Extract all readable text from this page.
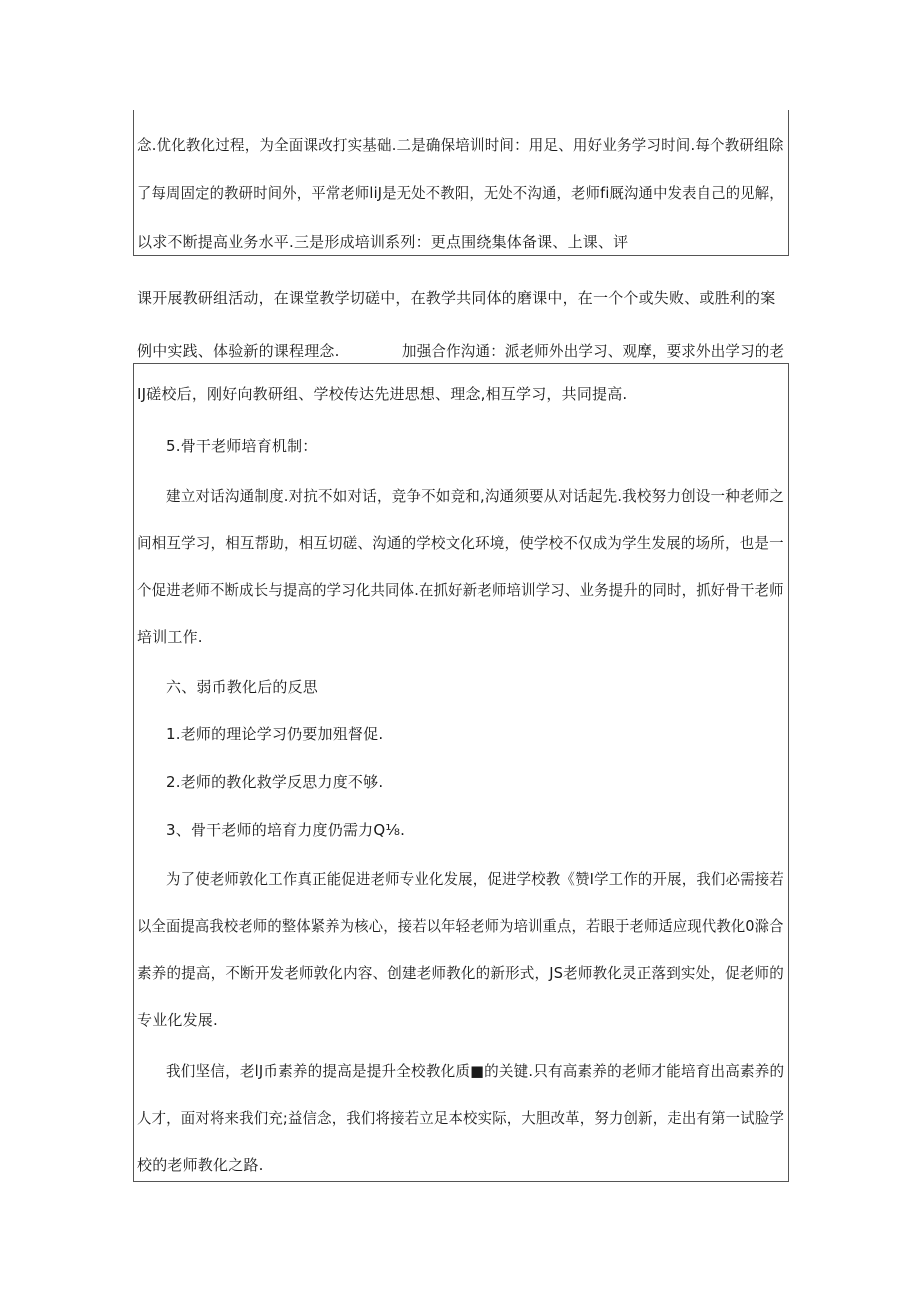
念.优化教化过程，为全面课改打实基础.二是确保培训时间：用足、用好业务学习时间.每个教研组除
了每周固定的教研时间外，平常老师liJ是无处不教阳，无处不沟通，老师fi厩沟通中发表自己的见解，
以求不断提高业务水平.三是形成培训系列：更点围绕集体备课、上课、评
课开展教研组活动，在课堂教学切磋中，在教学共同体的磨课中，在一个个或失败、或胜利的案
例中实践、体验新的课程理念.	加强合作沟通：派老师外出学习、观摩，要求外出学习的老
IJ磋校后，刚好向教研组、学校传达先进思想、理念,相互学习，共同提高.
5.骨干老师培育机制：
建立对话沟通制度.对抗不如对话，竞争不如竞和,沟通须要从对话起先.我校努力创设一种老师之
间相互学习，相互帮助，相互切磋、沟通的学校文化环境，使学校不仅成为学生发展的场所，也是一
个促进老师不断成长与提高的学习化共同体.在抓好新老师培训学习、业务提升的同时，抓好骨干老师
培训工作.
六、弱币教化后的反思
1.老师的理论学习仍要加殂督促.
2.老师的教化救学反思力度不够.
3、骨干老师的培育力度仍需力Q⅛.
为了使老师敦化工作真正能促进老师专业化发展，促进学校教《赞I学工作的开展，我们必需接若
以全面提高我校老师的整体紧养为核心，接若以年轻老师为培训重点，若眼于老师适应现代教化0滁合
素养的提高，不断开发老师敦化内容、创建老师教化的新形式，JS老师教化灵正落到实处，促老师的
专业化发展.
我们坚信，老lJ币素养的提高是提升全校教化质■的关键.只有高素养的老师才能培育出高素养的
人才，面对将来我们充;益信念，我们将接若立足本校实际，大胆改革，努力创新，走出有第一试脸学
校的老师教化之路.
